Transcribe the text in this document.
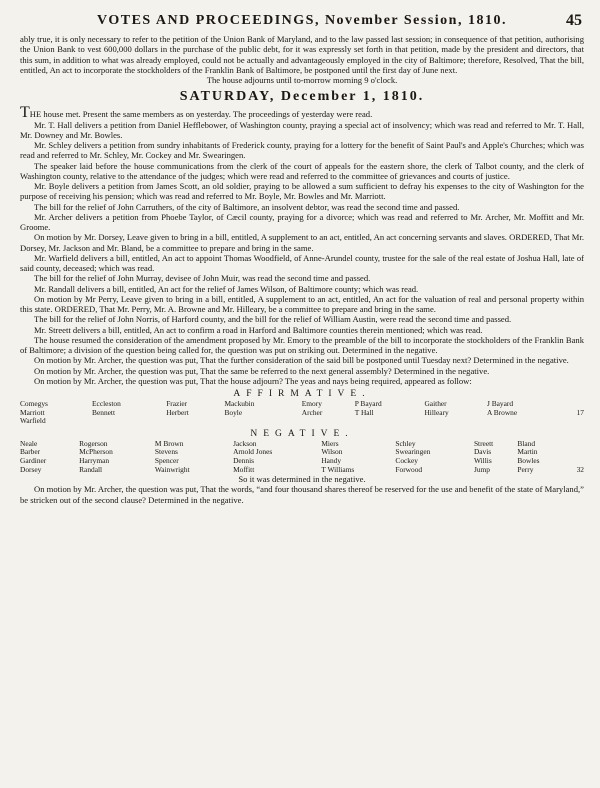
VOTES AND PROCEEDINGS, November Session, 1810.	45

ably true, it is only necessary to refer to the petition of the Union Bank of Maryland, and to the law passed last session; in consequence of that petition, authorising the Union Bank to vest 600,000 dollars in the purchase of the public debt, for it was expressly set forth in that petition, made by the president and directors, that this sum, in addition to what was already employed, could not be actually and advantageously employed in the city of Baltimore; therefore, Resolved, That the bill, entitled, An act to incorporate the stockholders of the Franklin Bank of Baltimore, be postponed until the first day of June next.

The house adjourns until to-morrow morning 9 o'clock.

SATURDAY, December 1, 1810.

THE house met. Present the same members as on yesterday. The proceedings of yesterday were read.

Mr. T. Hall delivers a petition from Daniel Hefflebower, of Washington county, praying a special act of insolvency; which was read and referred to Mr. T. Hall, Mr. Downey and Mr. Bowles.

Mr. Schley delivers a petition from sundry inhabitants of Frederick county, praying for a lottery for the benefit of Saint Paul's and Apple's Churches; which was read and referred to Mr. Schley, Mr. Cockey and Mr. Swearingen.

The speaker laid before the house communications from the clerk of the court of appeals for the eastern shore, the clerk of Talbot county, and the clerk of Washington county, relative to the attendance of the judges; which were read and referred to the committee of grievances and courts of justice.

Mr. Boyle delivers a petition from James Scott, an old soldier, praying to be allowed a sum sufficient to defray his expenses to the city of Washington for the purpose of receiving his pension; which was read and referred to Mr. Boyle, Mr. Bowles and Mr. Marriott.

The bill for the relief of John Carruthers, of the city of Baltimore, an insolvent debtor, was read the second time and passed.

Mr. Archer delivers a petition from Phoebe Taylor, of Cæcil county, praying for a divorce; which was read and referred to Mr. Archer, Mr. Moffitt and Mr. Groome.

On motion by Mr. Dorsey, Leave given to bring in a bill, entitled, A supplement to an act, entitled, An act concerning servants and slaves. ORDERED, That Mr. Dorsey, Mr. Jackson and Mr. Bland, be a committee to prepare and bring in the same.

Mr. Warfield delivers a bill, entitled, An act to appoint Thomas Woodfield, of Anne-Arundel county, trustee for the sale of the real estate of Joshua Hall, late of said county, deceased; which was read.

The bill for the relief of John Murray, devisee of John Muir, was read the second time and passed.

Mr. Randall delivers a bill, entitled, An act for the relief of James Wilson, of Baltimore county; which was read.

On motion by Mr Perry, Leave given to bring in a bill, entitled, A supplement to an act, entitled, An act for the valuation of real and personal property within this state. ORDERED, That Mr. Perry, Mr. A. Browne and Mr. Hilleary, be a committee to prepare and bring in the same.

The bill for the relief of John Norris, of Harford county, and the bill for the relief of William Austin, were read the second time and passed.

Mr. Streett delivers a bill, entitled, An act to confirm a road in Harford and Baltimore counties therein mentioned; which was read.

The house resumed the consideration of the amendment proposed by Mr. Emory to the preamble of the bill to incorporate the stockholders of the Franklin Bank of Baltimore; a division of the question being called for, the question was put on striking out. Determined in the negative.

On motion by Mr. Archer, the question was put, That the further consideration of the said bill be postponed until Tuesday next? Determined in the negative.

On motion by Mr. Archer, the question was put, That the same be referred to the next general assembly? Determined in the negative.

On motion by Mr. Archer, the question was put, That the house adjourn? The yeas and nays being required, appeared as follow:

AFFIRMATIVE.
Comegys	Eccleston	Frazier	Mackubin	Emory	P Bayard	Gaither	J Bayard	
Marriott	Bennett	Herbert	Boyle	Archer	T Hall	Hilleary	A Browne	17
Warfield								
NEGATIVE.
Neale	Rogerson	M Brown	Jackson	Miers	Schley	Streett	Bland	
Barber	McPherson	Stevens	Arnold Jones	Wilson	Swearingen	Davis	Martin	
Gardiner	Harryman	Spencer	Dennis	Handy	Cockey	Willis	Bowles	
Dorsey	Randall	Wainwright	Moffitt	T Williams	Forwood	Jump	Perry	32

So it was determined in the negative.

On motion by Mr. Archer, the question was put, That the words, “and four thousand shares thereof be reserved for the use and benefit of the state of Maryland,” be stricken out of the second clause? Determined in the negative.
